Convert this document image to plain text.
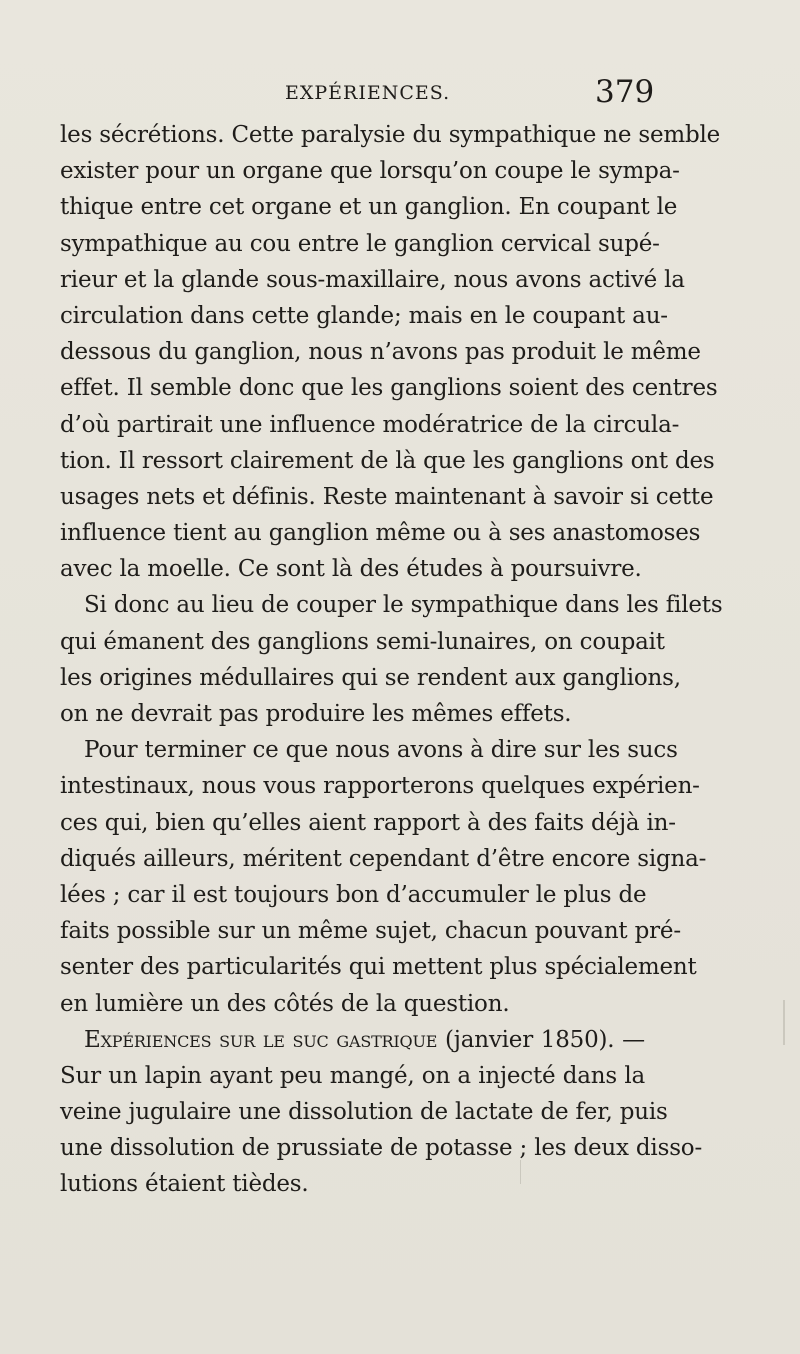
EXPÉRIENCES.	379
les sécrétions. Cette paralysie du sympathique ne semble
exister pour un organe que lorsqu’on coupe le sympa-
thique entre cet organe et un ganglion. En coupant le
sympathique au cou entre le ganglion cervical supé-
rieur et la glande sous-maxillaire, nous avons activé la
circulation dans cette glande; mais en le coupant au-
dessous du ganglion, nous n’avons pas produit le même
effet. Il semble donc que les ganglions soient des centres
d’où partirait une influence modératrice de la circula-
tion. Il ressort clairement de là que les ganglions ont des
usages nets et définis. Reste maintenant à savoir si cette
influence tient au ganglion même ou à ses anastomoses
avec la moelle. Ce sont là des études à poursuivre.
Si donc au lieu de couper le sympathique dans les filets
qui émanent des ganglions semi-lunaires, on coupait
les origines médullaires qui se rendent aux ganglions,
on ne devrait pas produire les mêmes effets.
Pour terminer ce que nous avons à dire sur les sucs
intestinaux, nous vous rapporterons quelques expérien-
ces qui, bien qu’elles aient rapport à des faits déjà in-
diqués ailleurs, méritent cependant d’être encore signa-
lées ; car il est toujours bon d’accumuler le plus de
faits possible sur un même sujet, chacun pouvant pré-
senter des particularités qui mettent plus spécialement
en lumière un des côtés de la question.
Expériences sur le suc gastrique (janvier 1850). —
Sur un lapin ayant peu mangé, on a injecté dans la
veine jugulaire une dissolution de lactate de fer, puis
une dissolution de prussiate de potasse ; les deux disso-
lutions étaient tièdes.
